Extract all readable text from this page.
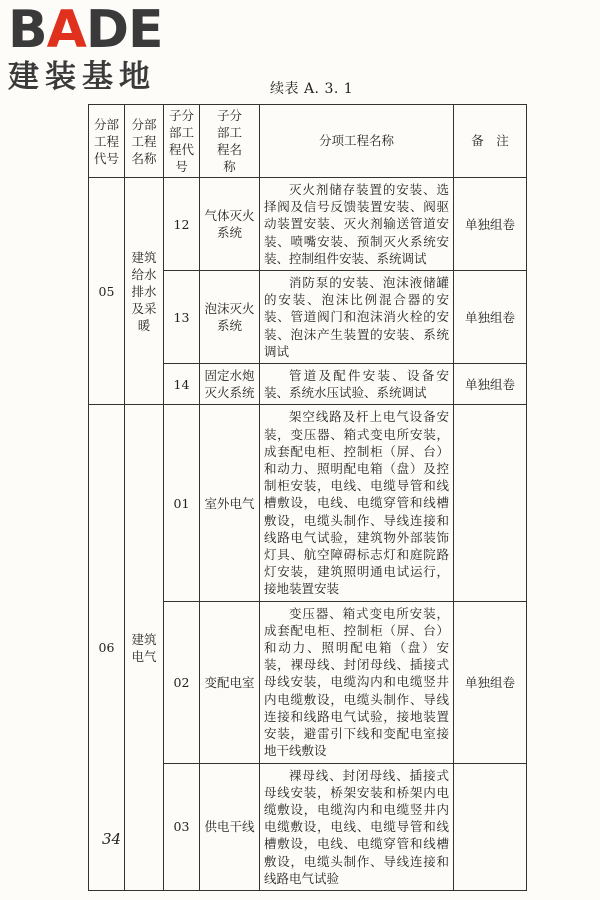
BADE
建装基地	续表 A. 3. 1
分部工程代号	分部工程名称	子分部工程代号	子分部工程名称	分项工程名称	备　注
05	建筑给水排水及采暖	12	气体灭火系统	灭火剂储存装置的安装、选择阀及信号反馈装置安装、阀驱动装置安装、灭火剂输送管道安装、喷嘴安装、预制灭火系统安装、控制组件安装、系统调试	单独组卷
		13	泡沫灭火系统	消防泵的安装、泡沫液储罐的安装、泡沫比例混合器的安装、管道阀门和泡沫消火栓的安装、泡沫产生装置的安装、系统调试	单独组卷
		14	固定水炮灭火系统	管道及配件安装、设备安装、系统水压试验、系统调试	单独组卷
06	建筑电气	01	室外电气	架空线路及杆上电气设备安装，变压器、箱式变电所安装，成套配电柜、控制柜（屏、台）和动力、照明配电箱（盘）及控制柜安装，电线、电缆导管和线槽敷设，电线、电缆穿管和线槽敷设，电缆头制作、导线连接和线路电气试验，建筑物外部装饰灯具、航空障碍标志灯和庭院路灯安装，建筑照明通电试运行，接地装置安装	
		02	变配电室	变压器、箱式变电所安装，成套配电柜、控制柜（屏、台）和动力、照明配电箱（盘）安装，裸母线、封闭母线、插接式母线安装，电缆沟内和电缆竖井内电缆敷设，电缆头制作、导线连接和线路电气试验，接地装置安装，避雷引下线和变配电室接地干线敷设	单独组卷
		03	供电干线	裸母线、封闭母线、插接式母线安装，桥架安装和桥架内电缆敷设，电缆沟内和电缆竖井内电缆敷设，电线、电缆导管和线槽敷设，电线、电缆穿管和线槽敷设，电缆头制作、导线连接和线路电气试验	
34
